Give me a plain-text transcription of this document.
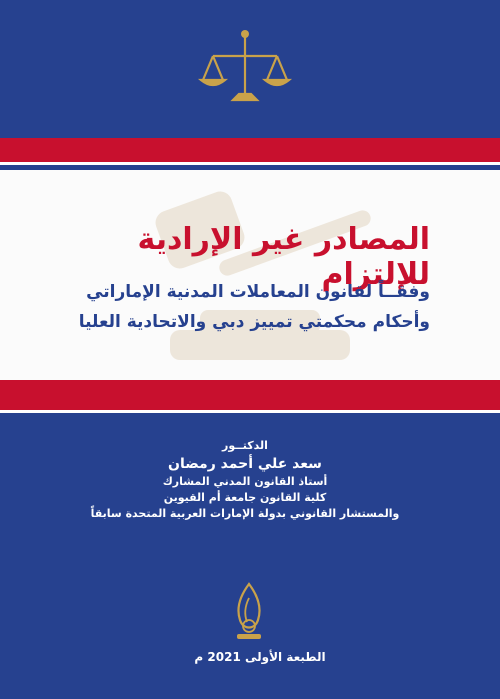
المصادر غير الإرادية للإلتزام
وفقــاً لقانون المعاملات المدنية الإماراتي
وأحكام محكمتي تمييز دبي والاتحادية العليا

الدكتــور

سعد علي أحمد رمضان

أستاذ القانون المدني المشارك

كلية القانون جامعة أم القيوين

والمستشار القانوني بدولة الإمارات العربية المتحدة سابقاً

الطبعة الأولى 2021 م
